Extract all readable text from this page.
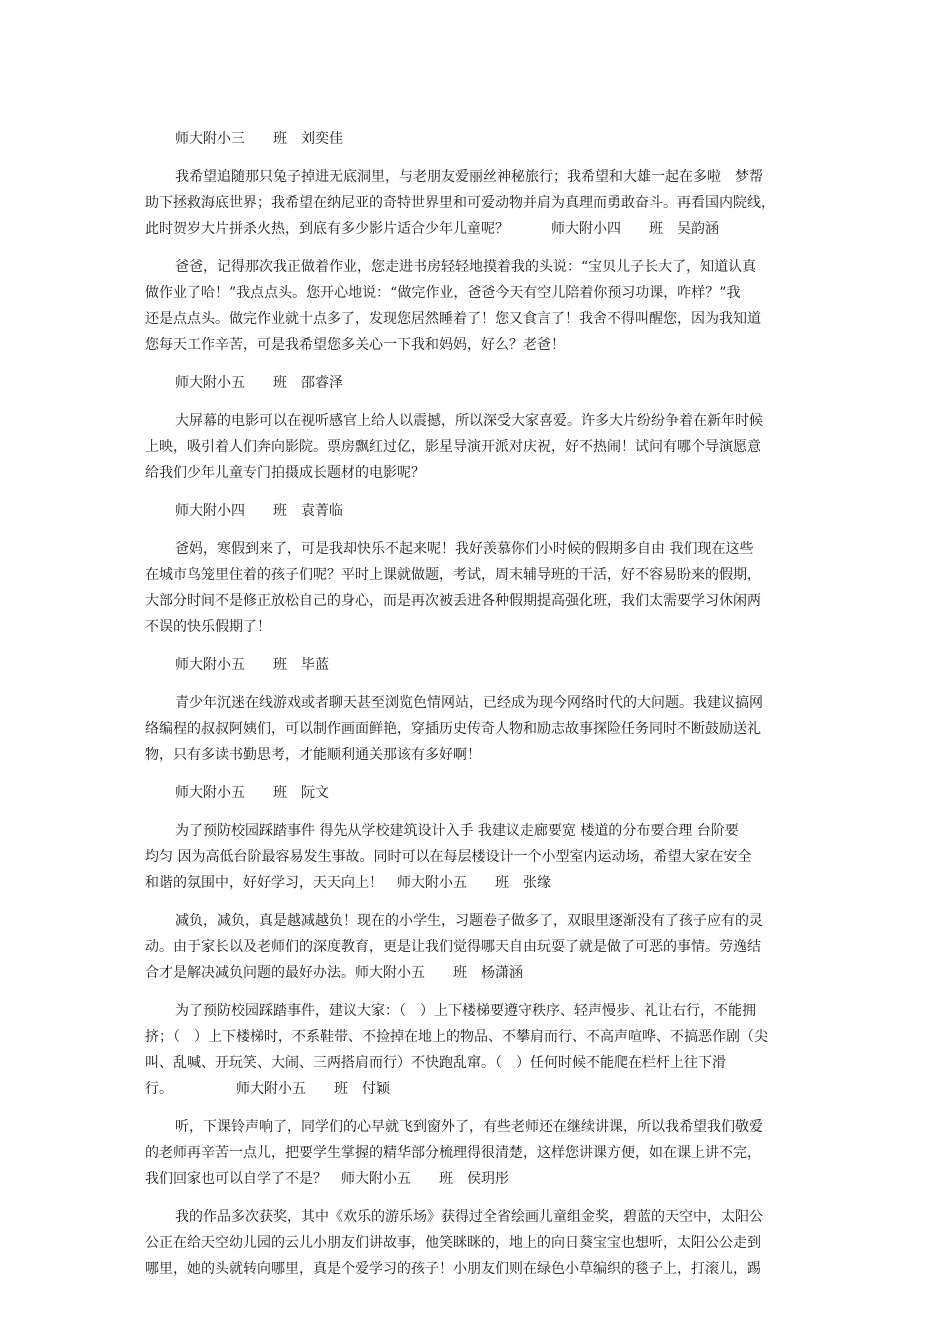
师大附小三　　班　刘奕佳

我希望追随那只兔子掉进无底洞里，与老朋友爱丽丝神秘旅行；我希望和大雄一起在多啦　梦帮
助下拯救海底世界；我希望在纳尼亚的奇特世界里和可爱动物并肩为真理而勇敢奋斗。再看国内院线，
此时贺岁大片拼杀火热，到底有多少影片适合少年儿童呢？　　　师大附小四　　班　吴韵涵

爸爸，记得那次我正做着作业，您走进书房轻轻地摸着我的头说：“宝贝儿子长大了，知道认真
做作业了哈！”我点点头。您开心地说：“做完作业，爸爸今天有空儿陪着你预习功课，咋样？”我
还是点点头。做完作业就十点多了，发现您居然睡着了！您又食言了！我舍不得叫醒您，因为我知道
您每天工作辛苦，可是我希望您多关心一下我和妈妈，好么？老爸！

师大附小五　　班　邵睿泽

大屏幕的电影可以在视听感官上给人以震撼，所以深受大家喜爱。许多大片纷纷争着在新年时候
上映，吸引着人们奔向影院。票房飘红过亿，影星导演开派对庆祝，好不热闹！试问有哪个导演愿意
给我们少年儿童专门拍摄成长题材的电影呢？

师大附小四　　班　袁菁临

爸妈，寒假到来了，可是我却快乐不起来呢！我好羡慕你们小时候的假期多自由 我们现在这些
在城市鸟笼里住着的孩子们呢？平时上课就做题，考试，周末辅导班的干活，好不容易盼来的假期，
大部分时间不是修正放松自己的身心，而是再次被丢进各种假期提高强化班，我们太需要学习休闲两
不误的快乐假期了！

师大附小五　　班　毕蓝

青少年沉迷在线游戏或者聊天甚至浏览色情网站，已经成为现今网络时代的大问题。我建议搞网
络编程的叔叔阿姨们，可以制作画面鲜艳，穿插历史传奇人物和励志故事探险任务同时不断鼓励送礼
物，只有多读书勤思考，才能顺利通关那该有多好啊！

师大附小五　　班　阮文

为了预防校园踩踏事件 得先从学校建筑设计入手 我建议走廊要宽 楼道的分布要合理 台阶要
均匀 因为高低台阶最容易发生事故。同时可以在每层楼设计一个小型室内运动场，希望大家在安全
和谐的氛围中，好好学习，天天向上！　师大附小五　　班　张缘

减负，减负，真是越减越负！现在的小学生，习题卷子做多了，双眼里逐渐没有了孩子应有的灵
动。由于家长以及老师们的深度教育，更是让我们觉得哪天自由玩耍了就是做了可恶的事情。劳逸结
合才是解决减负问题的最好办法。师大附小五　　班　杨潇涵

为了预防校园踩踏事件，建议大家：（　）上下楼梯要遵守秩序、轻声慢步、礼让右行，不能拥
挤；（　）上下楼梯时，不系鞋带、不捡掉在地上的物品、不攀肩而行、不高声喧哗、不搞恶作剧（尖
叫、乱喊、开玩笑、大闹、三两搭肩而行）不快跑乱窜。（　）任何时候不能爬在栏杆上往下滑
行。　　　　　师大附小五　　班　付颖

听，下课铃声响了，同学们的心早就飞到窗外了，有些老师还在继续讲课，所以我希望我们敬爱
的老师再辛苦一点儿，把要学生掌握的精华部分梳理得很清楚，这样您讲课方便，如在课上讲不完，
我们回家也可以自学了不是？　师大附小五　　班　侯玥彤

我的作品多次获奖，其中《欢乐的游乐场》获得过全省绘画儿童组金奖，碧蓝的天空中，太阳公
公正在给天空幼儿园的云儿小朋友们讲故事，他笑眯眯的，地上的向日葵宝宝也想听，太阳公公走到
哪里，她的头就转向哪里，真是个爱学习的孩子！小朋友们则在绿色小草编织的毯子上，打滚儿，踢
